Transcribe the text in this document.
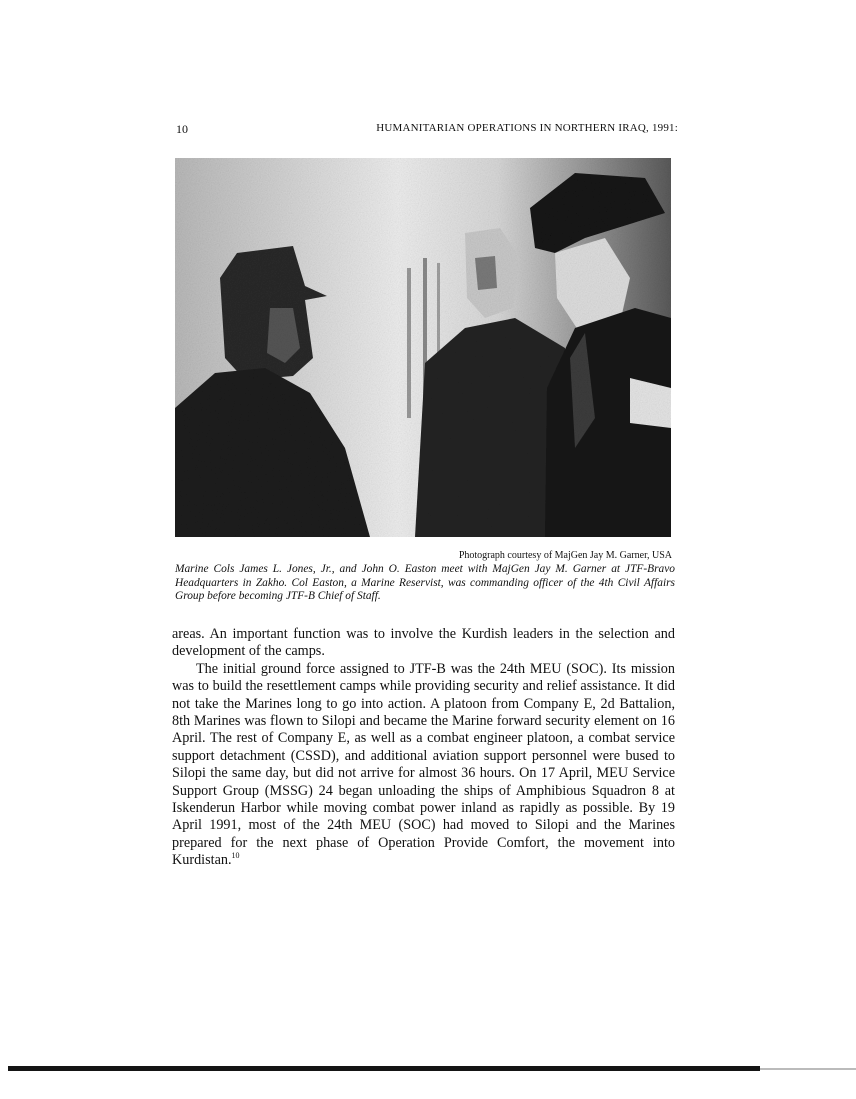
10	HUMANITARIAN OPERATIONS IN NORTHERN IRAQ, 1991:
Photograph courtesy of MajGen Jay M. Garner, USA
Marine Cols James L. Jones, Jr., and John O. Easton meet with MajGen Jay M. Garner at JTF-Bravo Headquarters in Zakho. Col Easton, a Marine Reservist, was commanding officer of the 4th Civil Affairs Group before becoming JTF-B Chief of Staff.

areas. An important function was to involve the Kurdish leaders in the selection and development of the camps.

The initial ground force assigned to JTF-B was the 24th MEU (SOC). Its mission was to build the resettlement camps while providing security and relief assistance. It did not take the Marines long to go into action. A platoon from Company E, 2d Battalion, 8th Marines was flown to Silopi and became the Marine forward security element on 16 April. The rest of Company E, as well as a combat engineer platoon, a combat service support detachment (CSSD), and additional aviation support personnel were bused to Silopi the same day, but did not arrive for almost 36 hours. On 17 April, MEU Service Support Group (MSSG) 24 began unloading the ships of Amphibious Squadron 8 at Iskenderun Harbor while moving combat power inland as rapidly as possible. By 19 April 1991, most of the 24th MEU (SOC) had moved to Silopi and the Marines prepared for the next phase of Operation Provide Comfort, the movement into Kurdistan.$^{10}$
